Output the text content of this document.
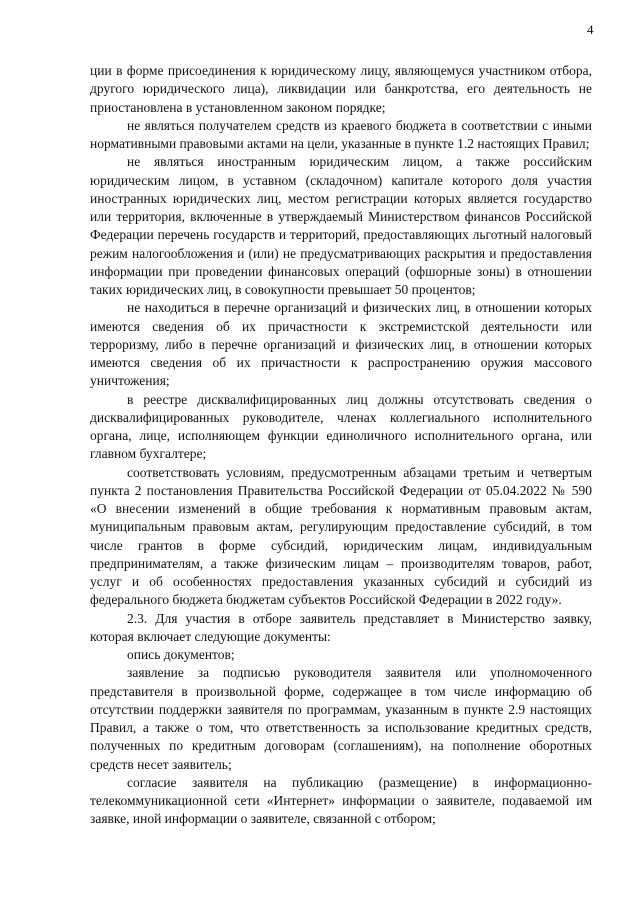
4

ции в форме присоединения к юридическому лицу, являющемуся участником отбора, другого юридического лица), ликвидации или банкротства, его деятельность не приостановлена в установленном законом порядке;

не являться получателем средств из краевого бюджета в соответствии с иными нормативными правовыми актами на цели, указанные в пункте 1.2 настоящих Правил;

не являться иностранным юридическим лицом, а также российским юридическим лицом, в уставном (складочном) капитале которого доля участия иностранных юридических лиц, местом регистрации которых является государство или территория, включенные в утверждаемый Министерством финансов Российской Федерации перечень государств и территорий, предоставляющих льготный налоговый режим налогообложения и (или) не предусматривающих раскрытия и предоставления информации при проведении финансовых операций (офшорные зоны) в отношении таких юридических лиц, в совокупности превышает 50 процентов;

не находиться в перечне организаций и физических лиц, в отношении которых имеются сведения об их причастности к экстремистской деятельности или терроризму, либо в перечне организаций и физических лиц, в отношении которых имеются сведения об их причастности к распространению оружия массового уничтожения;

в реестре дисквалифицированных лиц должны отсутствовать сведения о дисквалифицированных руководителе, членах коллегиального исполнительного органа, лице, исполняющем функции единоличного исполнительного органа, или главном бухгалтере;

соответствовать условиям, предусмотренным абзацами третьим и четвертым пункта 2 постановления Правительства Российской Федерации от 05.04.2022 № 590 «О внесении изменений в общие требования к нормативным правовым актам, муниципальным правовым актам, регулирующим предоставление субсидий, в том числе грантов в форме субсидий, юридическим лицам, индивидуальным предпринимателям, а также физическим лицам – производителям товаров, работ, услуг и об особенностях предоставления указанных субсидий и субсидий из федерального бюджета бюджетам субъектов Российской Федерации в 2022 году».

2.3. Для участия в отборе заявитель представляет в Министерство заявку, которая включает следующие документы:

опись документов;

заявление за подписью руководителя заявителя или уполномоченного представителя в произвольной форме, содержащее в том числе информацию об отсутствии поддержки заявителя по программам, указанным в пункте 2.9 настоящих Правил, а также о том, что ответственность за использование кредитных средств, полученных по кредитным договорам (соглашениям), на пополнение оборотных средств несет заявитель;

согласие заявителя на публикацию (размещение) в информационно-телекоммуникационной сети «Интернет» информации о заявителе, подаваемой им заявке, иной информации о заявителе, связанной с отбором;
